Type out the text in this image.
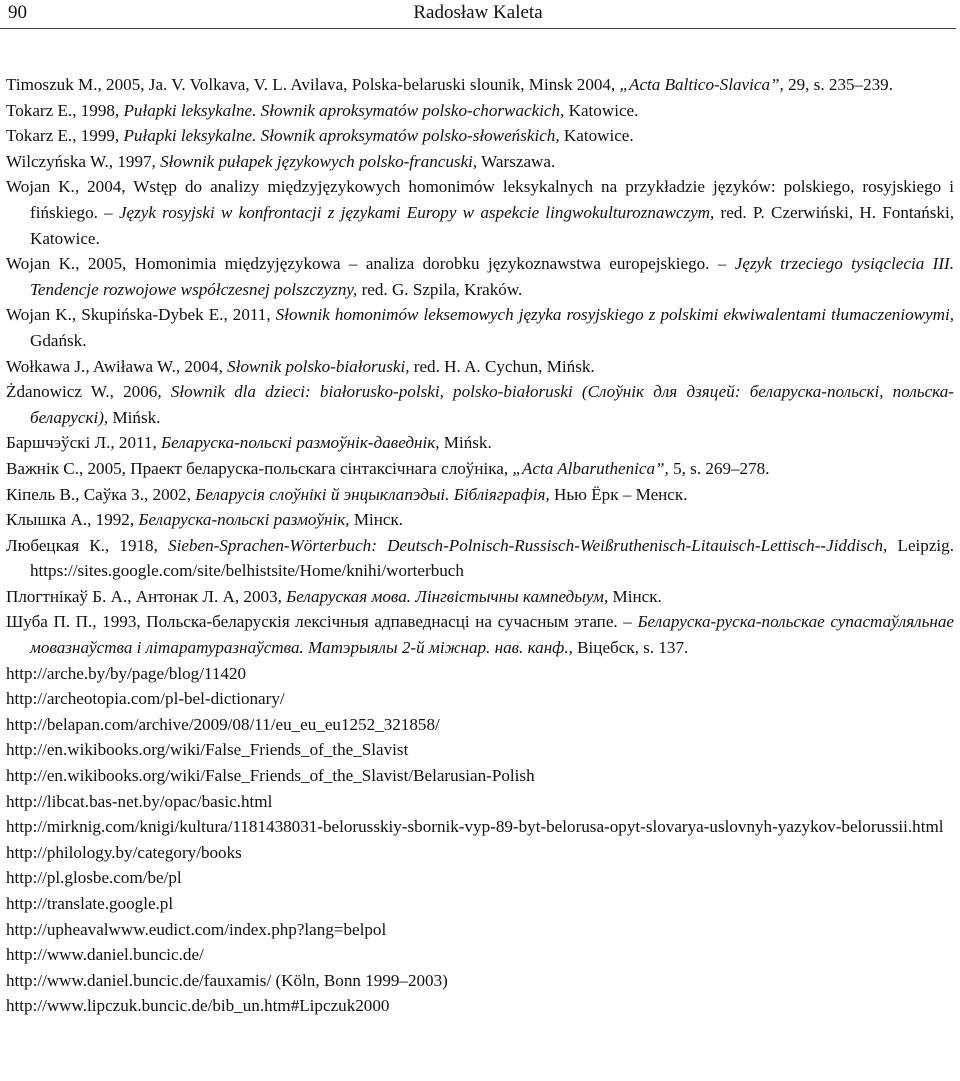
90	Radosław Kaleta
Timoszuk M., 2005, Ja. V. Volkava, V. L. Avilava, Polska-belaruski slounik, Minsk 2004, „Acta Baltico-Slavica”, 29, s. 235–239.
Tokarz E., 1998, Pułapki leksykalne. Słownik aproksymatów polsko-chorwackich, Katowice.
Tokarz E., 1999, Pułapki leksykalne. Słownik aproksymatów polsko-słoweńskich, Katowice.
Wilczyńska W., 1997, Słownik pułapek językowych polsko-francuski, Warszawa.
Wojan K., 2004, Wstęp do analizy międzyjęzykowych homonimów leksykalnych na przykładzie języków: polskiego, rosyjskiego i fińskiego. – Język rosyjski w konfrontacji z językami Europy w aspekcie lingwokulturoznawczym, red. P. Czerwiński, H. Fontański, Katowice.
Wojan K., 2005, Homonimia międzyjęzykowa – analiza dorobku językoznawstwa europejskiego. – Język trzeciego tysiąclecia III. Tendencje rozwojowe współczesnej polszczyzny, red. G. Szpila, Kraków.
Wojan K., Skupińska-Dybek E., 2011, Słownik homonimów leksemowych języka rosyjskiego z polskimi ekwiwalentami tłumaczeniowymi, Gdańsk.
Wołkawa J., Awiława W., 2004, Słownik polsko-białoruski, red. H. A. Cychun, Mińsk.
Żdanowicz W., 2006, Słownik dla dzieci: białorusko-polski, polsko-białoruski (Слоўнік для дзяцей: беларуска-польскі, польска-беларускі), Mińsk.
Баршчэўскі Л., 2011, Беларуска-польскі размоўнік-даведнік, Mińsk.
Важнік С., 2005, Праект беларуска-польскага сінтаксічнага слоўніка, „Acta Albaruthenica”, 5, s. 269–278.
Кіпель В., Саўка З., 2002, Беларусія слоўнікі й энцыклапэдыі. Бібліяграфія, Нью Ёрк – Менск.
Клышка А., 1992, Беларуска-польскі размоўнік, Мінск.
Любецкая К., 1918, Sieben-Sprachen-Wörterbuch: Deutsch-Polnisch-Russisch-Weißruthenisch-Litauisch-Lettisch--Jiddisch, Leipzig. https://sites.google.com/site/belhistsite/Home/knihi/worterbuch
Плогтнікаў Б. А., Антонак Л. А, 2003, Беларуская мова. Лінгвістычны кампедыум, Мінск.
Шуба П. П., 1993, Польска-беларускія лексічныя адпаведнасці на сучасным этапе. – Беларуска-руска-польскае супастаўляльнае мовазнаўства і літаратуразнаўства. Матэрыялы 2-й міжнар. нав. канф., Віцебск, s. 137.
http://arche.by/by/page/blog/11420
http://archeotopia.com/pl-bel-dictionary/
http://belapan.com/archive/2009/08/11/eu_eu_eu1252_321858/
http://en.wikibooks.org/wiki/False_Friends_of_the_Slavist
http://en.wikibooks.org/wiki/False_Friends_of_the_Slavist/Belarusian-Polish
http://libcat.bas-net.by/opac/basic.html
http://mirknig.com/knigi/kultura/1181438031-belorusskiy-sbornik-vyp-89-byt-belorusa-opyt-slovarya-uslovnyh-yazykov-belorussii.html
http://philology.by/category/books
http://pl.glosbe.com/be/pl
http://translate.google.pl
http://upheavalwww.eudict.com/index.php?lang=belpol
http://www.daniel.buncic.de/
http://www.daniel.buncic.de/fauxamis/ (Köln, Bonn 1999–2003)
http://www.lipczuk.buncic.de/bib_un.htm#Lipczuk2000
